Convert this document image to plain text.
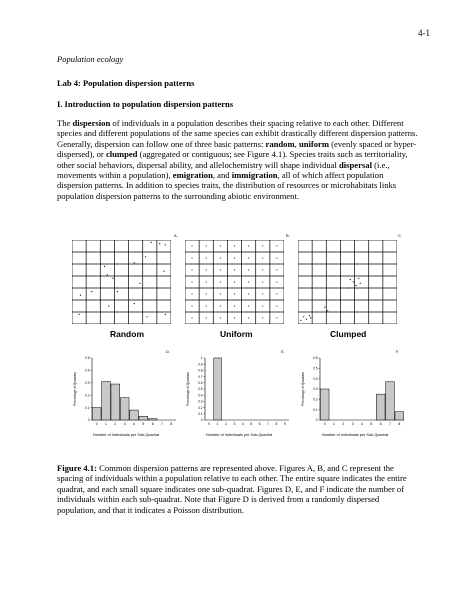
4-1
Population ecology
Lab 4: Population dispersion patterns
I. Introduction to population dispersion patterns
The dispersion of individuals in a population describes their spacing relative to each other. Different species and different populations of the same species can exhibit drastically different dispersion patterns. Generally, dispersion can follow one of three basic patterns: random, uniform (evenly spaced or hyper-dispersed), or clumped (aggregated or contiguous; see Figure 4.1). Species traits such as territoriality, other social behaviors, dispersal ability, and allelochemistry will shape individual dispersal (i.e., movements within a population), emigration, and immigration, all of which affect population dispersion patterns. In addition to species traits, the distribution of resources or microhabitats links population dispersion patterns to the surrounding abiotic environment.
A.	B.	C.
Random	Uniform	Clumped
D.	E.	F.
0
0.1
0.2
0.3
0.4
0.5
Percentage of Quadrats
0 1 2 3 4 5 6 7 8
0
0.1
0.2
0.3
0.4
0.5
0.6
0.7
0.8
0.9
1
Percentage of Quadrats
0 1 2 3 4 5 6 7 8 9
0
0.1
0.2
0.3
0.4
0.5
0.6
Percentage of Quadrats
0 1 2 3 4 5 6 7 8
Number of Individuals per Sub-Quadrat	Number of Individuals per Sub-Quadrat	Number of Individuals per Sub-Quadrat
Figure 4.1: Common dispersion patterns are represented above. Figures A, B, and C represent the spacing of individuals within a population relative to each other. The entire square indicates the entire quadrat, and each small square indicates one sub-quadrat. Figures D, E, and F indicate the number of individuals within each sub-quadrat. Note that Figure D is derived from a randomly dispersed population, and that it indicates a Poisson distribution.
